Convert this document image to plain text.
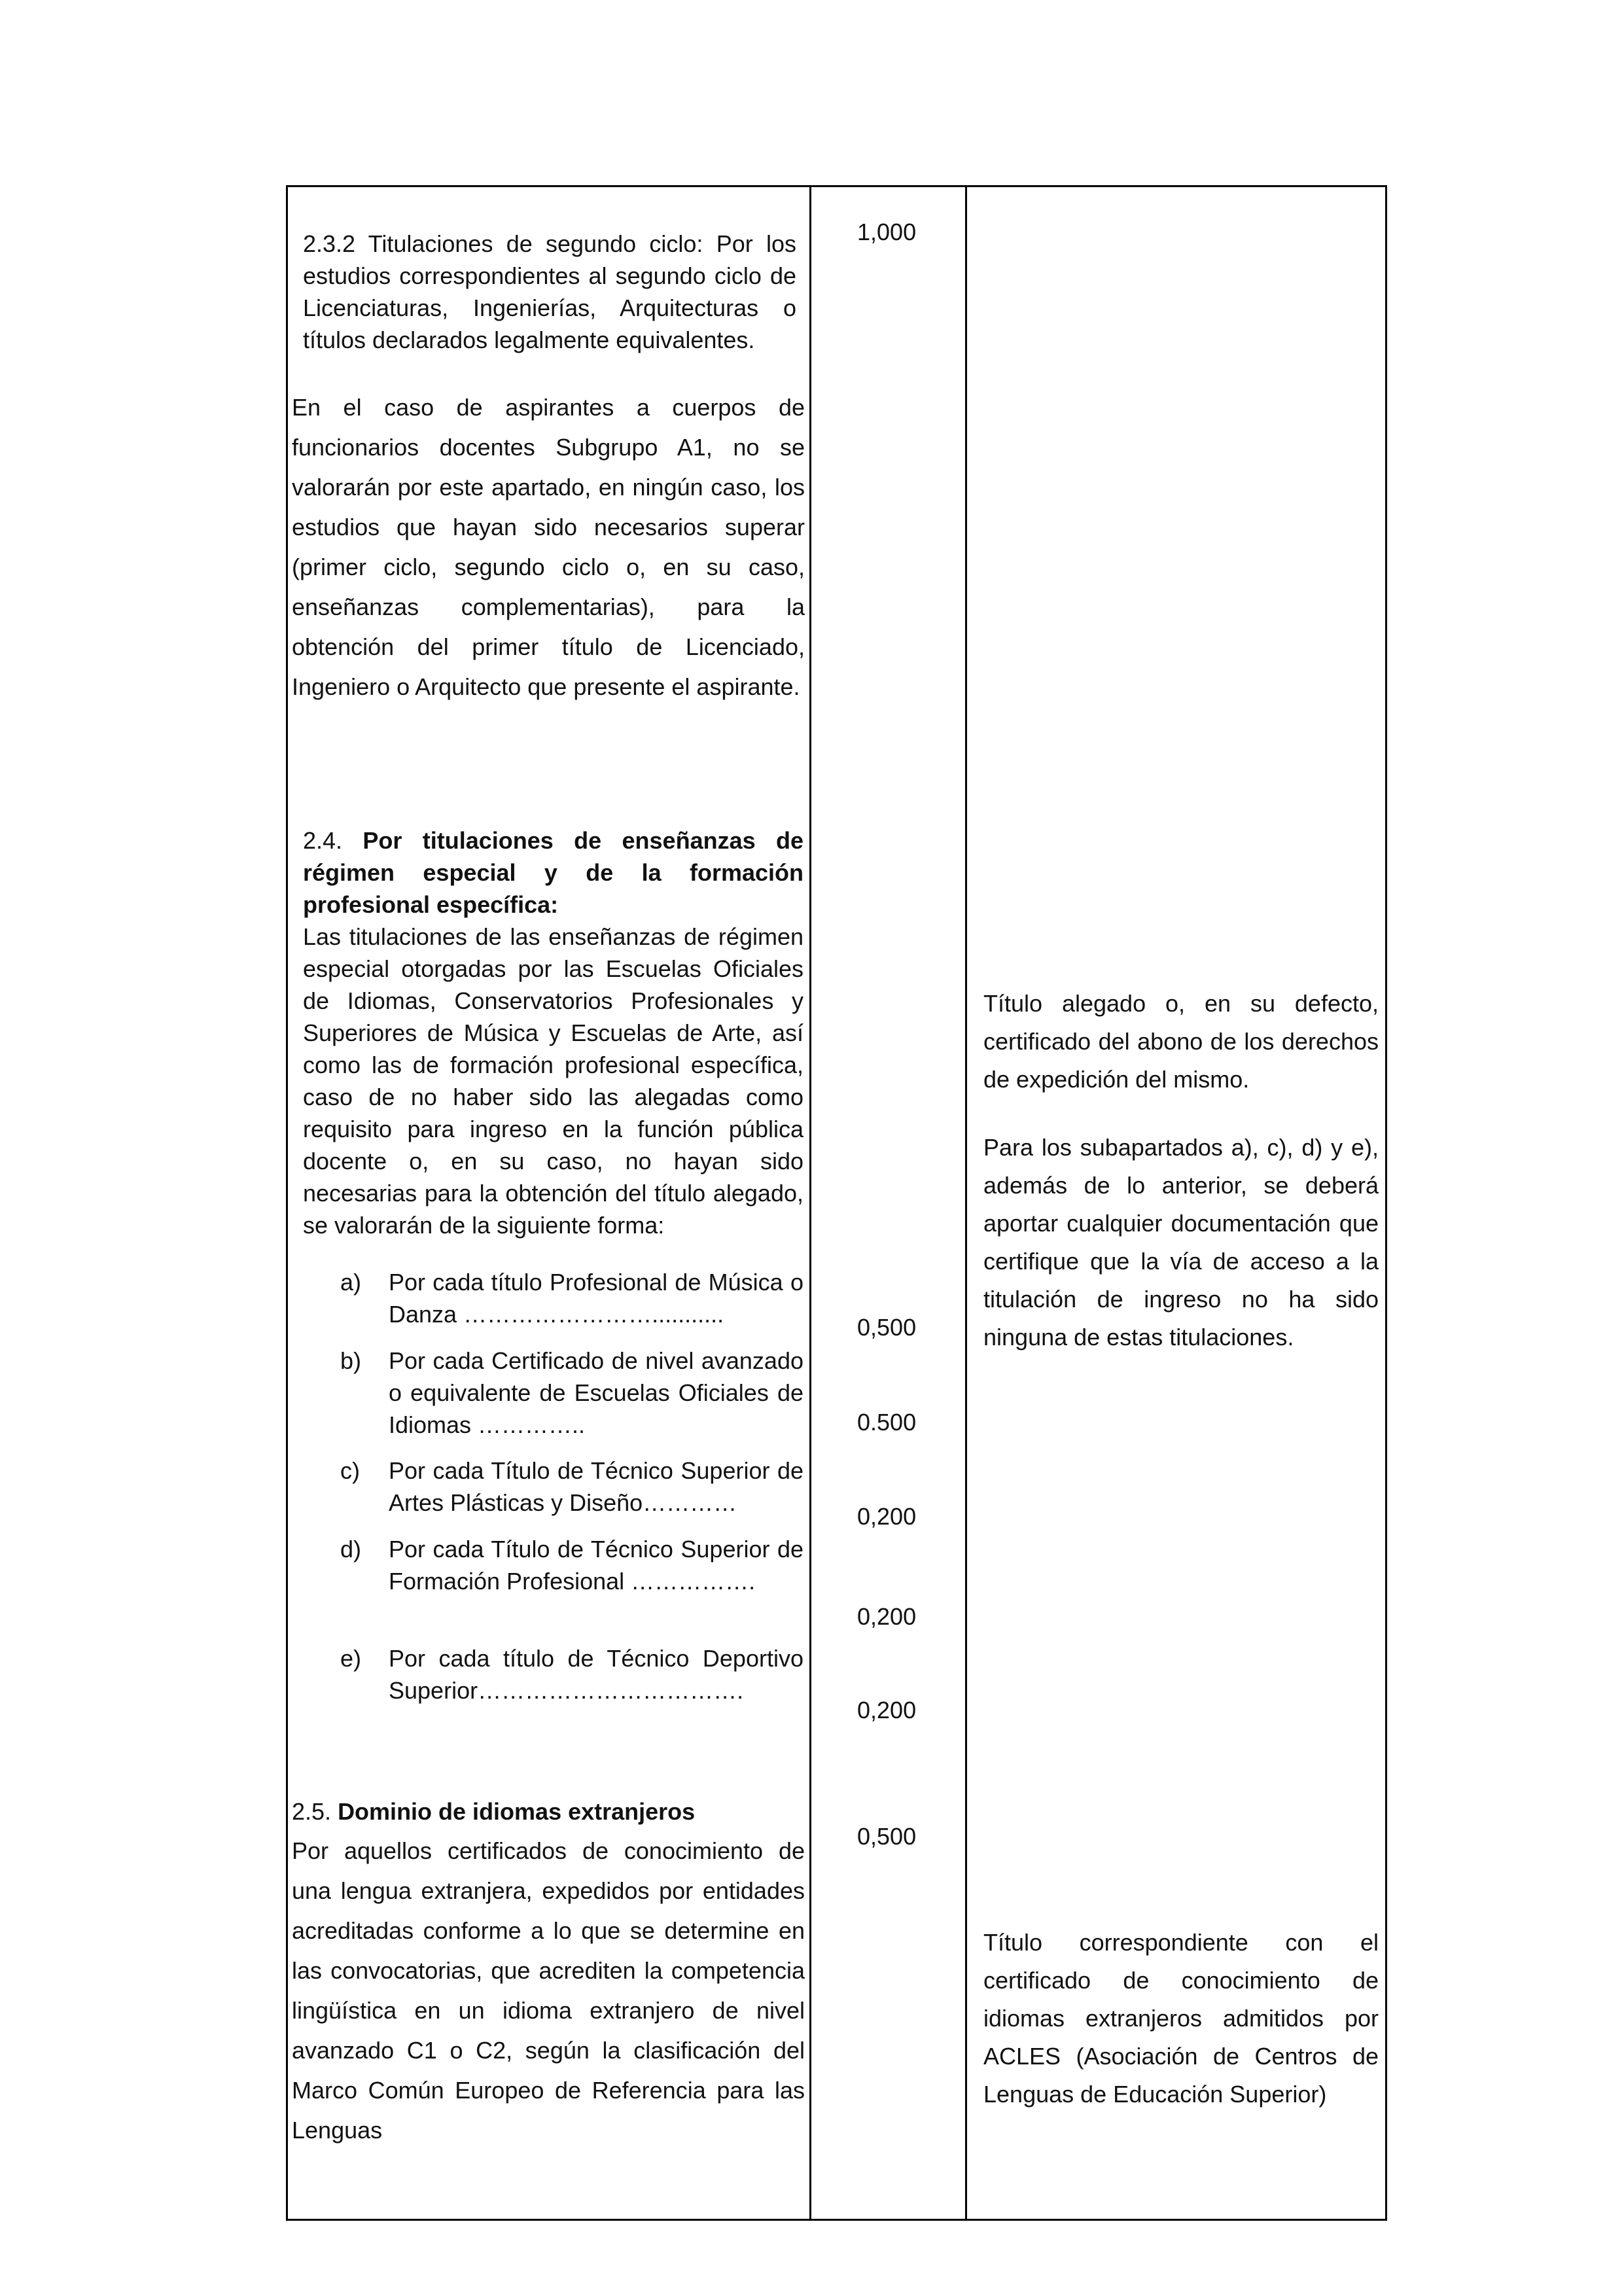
2.3.2 Titulaciones de segundo ciclo: Por los estudios correspondientes al segundo ciclo de Licenciaturas, Ingenierías, Arquitecturas o títulos declarados legalmente equivalentes.
En el caso de aspirantes a cuerpos de funcionarios docentes Subgrupo A1, no se valorarán por este apartado, en ningún caso, los estudios que hayan sido necesarios superar (primer ciclo, segundo ciclo o, en su caso, enseñanzas complementarias), para la obtención del primer título de Licenciado, Ingeniero o Arquitecto que presente el aspirante.
1,000
2.4. Por titulaciones de enseñanzas de régimen especial y de la formación profesional específica:
Las titulaciones de las enseñanzas de régimen especial otorgadas por las Escuelas Oficiales de Idiomas, Conservatorios Profesionales y Superiores de Música y Escuelas de Arte, así como las de formación profesional específica, caso de no haber sido las alegadas como requisito para ingreso en la función pública docente o, en su caso, no hayan sido necesarias para la obtención del título alegado, se valorarán de la siguiente forma:
a) Por cada título Profesional de Música o Danza ……………………...........	0,500
b) Por cada Certificado de nivel avanzado o equivalente de Escuelas Oficiales de Idiomas …………..	0.500
c) Por cada Título de Técnico Superior de Artes Plásticas y Diseño…………
0,200
d) Por cada Título de Técnico Superior de Formación Profesional …………….
0,200
e) Por cada título de Técnico Deportivo Superior…………………………….
0,200
Título alegado o, en su defecto, certificado del abono de los derechos de expedición del mismo.
Para los subapartados a), c), d) y e), además de lo anterior, se deberá aportar cualquier documentación que certifique que la vía de acceso a la titulación de ingreso no ha sido ninguna de estas titulaciones.
2.5. Dominio de idiomas extranjeros
Por aquellos certificados de conocimiento de una lengua extranjera, expedidos por entidades acreditadas conforme a lo que se determine en las convocatorias, que acrediten la competencia lingüística en un idioma extranjero de nivel avanzado C1 o C2, según la clasificación del Marco Común Europeo de Referencia para las Lenguas
0,500
Título correspondiente con el certificado de conocimiento de idiomas extranjeros admitidos por ACLES (Asociación de Centros de Lenguas de Educación Superior)
